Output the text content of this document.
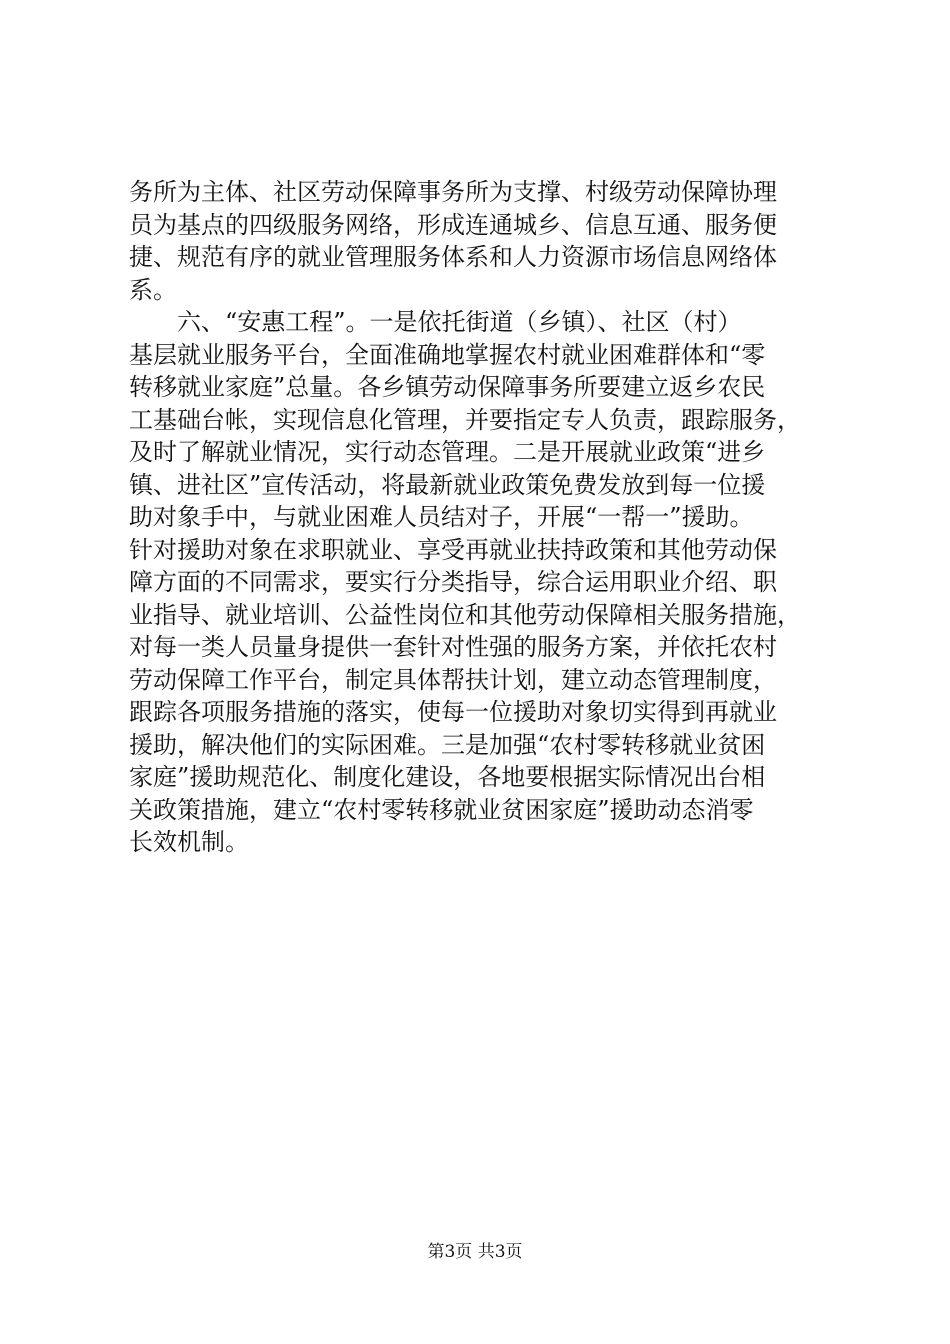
务所为主体、社区劳动保障事务所为支撑、村级劳动保障协理
员为基点的四级服务网络，形成连通城乡、信息互通、服务便
捷、规范有序的就业管理服务体系和人力资源市场信息网络体
系。
　　六、“安惠工程”。一是依托街道（乡镇）、社区（村）
基层就业服务平台，全面准确地掌握农村就业困难群体和“零
转移就业家庭”总量。各乡镇劳动保障事务所要建立返乡农民
工基础台帐，实现信息化管理，并要指定专人负责，跟踪服务，
及时了解就业情况，实行动态管理。二是开展就业政策“进乡
镇、进社区”宣传活动，将最新就业政策免费发放到每一位援
助对象手中，与就业困难人员结对子，开展“一帮一”援助。
针对援助对象在求职就业、享受再就业扶持政策和其他劳动保
障方面的不同需求，要实行分类指导，综合运用职业介绍、职
业指导、就业培训、公益性岗位和其他劳动保障相关服务措施，
对每一类人员量身提供一套针对性强的服务方案，并依托农村
劳动保障工作平台，制定具体帮扶计划，建立动态管理制度，
跟踪各项服务措施的落实，使每一位援助对象切实得到再就业
援助，解决他们的实际困难。三是加强“农村零转移就业贫困
家庭”援助规范化、制度化建设，各地要根据实际情况出台相
关政策措施，建立“农村零转移就业贫困家庭”援助动态消零
长效机制。
第3页 共3页
